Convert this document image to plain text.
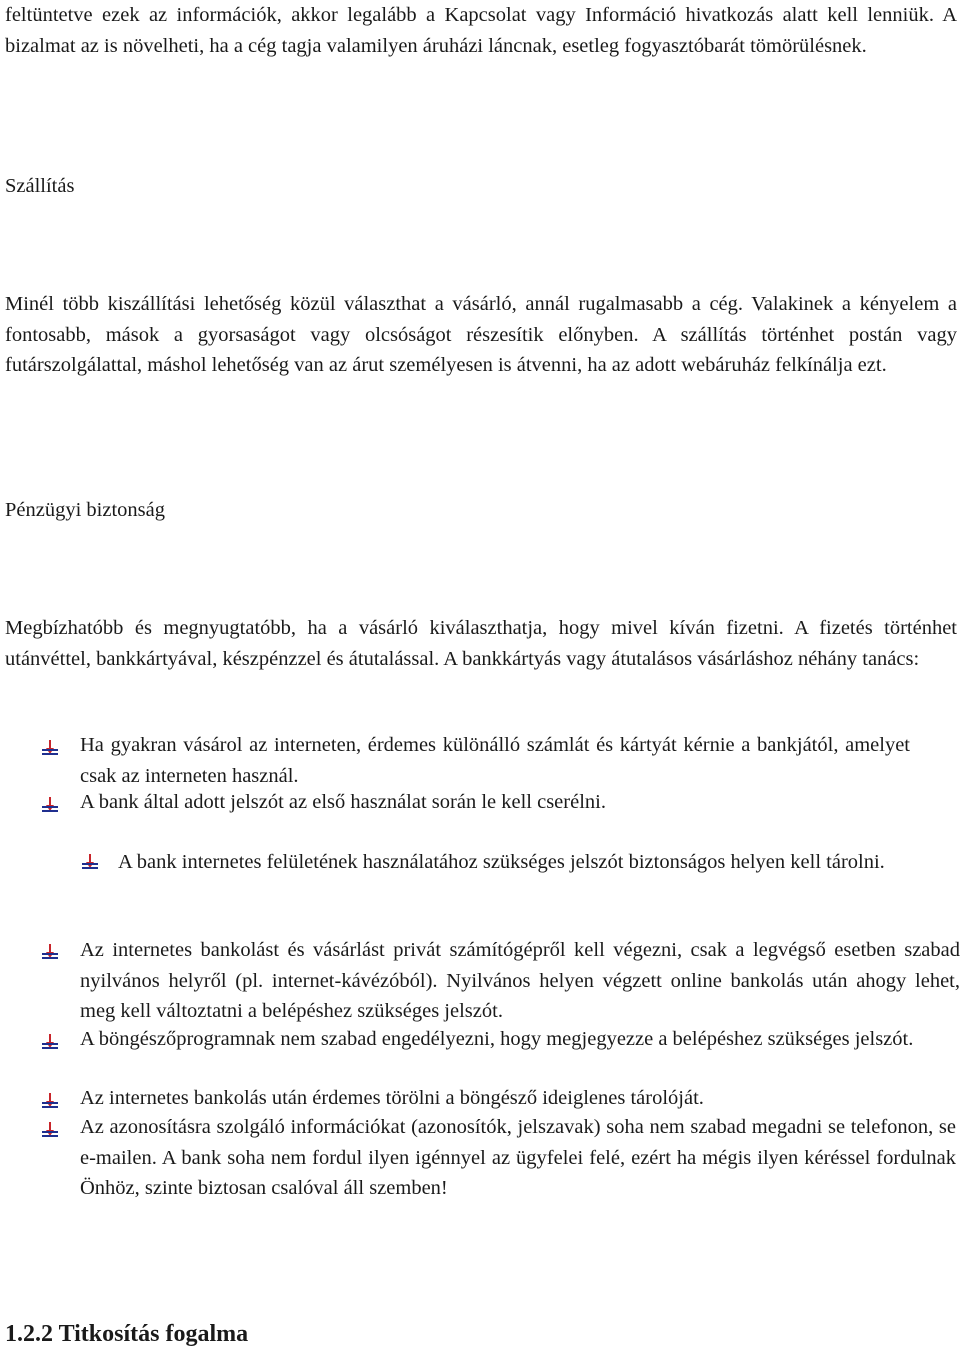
feltüntetve ezek az információk, akkor legalább a Kapcsolat vagy Információ hivatkozás alatt kell lenniük. A bizalmat az is növelheti, ha a cég tagja valamilyen áruházi láncnak, esetleg fogyasztóbarát tömörülésnek.

Szállítás

Minél több kiszállítási lehetőség közül választhat a vásárló, annál rugalmasabb a cég. Valakinek a kényelem a fontosabb, mások a gyorsaságot vagy olcsóságot részesítik előnyben. A szállítás történhet postán vagy futárszolgálattal, máshol lehetőség van az árut személyesen is átvenni, ha az adott webáruház felkínálja ezt.

Pénzügyi biztonság

Megbízhatóbb és megnyugtatóbb, ha a vásárló kiválaszthatja, hogy mivel kíván fizetni. A fizetés történhet utánvéttel, bankkártyával, készpénzzel és átutalással. A bankkártyás vagy átutalásos vásárláshoz néhány tanács:

Ha gyakran vásárol az interneten, érdemes különálló számlát és kártyát kérnie a bankjától, amelyet csak az interneten használ.

A bank által adott jelszót az első használat során le kell cserélni.

A bank internetes felületének használatához szükséges jelszót biztonságos helyen kell tárolni.

Az internetes bankolást és vásárlást privát számítógépről kell végezni, csak a legvégső esetben szabad nyilvános helyről (pl. internet-kávézóból). Nyilvános helyen végzett online bankolás után ahogy lehet, meg kell változtatni a belépéshez szükséges jelszót.

A böngészőprogramnak nem szabad engedélyezni, hogy megjegyezze a belépéshez szükséges jelszót.

Az internetes bankolás után érdemes törölni a böngésző ideiglenes tárolóját.

Az azonosításra szolgáló információkat (azonosítók, jelszavak) soha nem szabad megadni se telefonon, se e-mailen. A bank soha nem fordul ilyen igénnyel az ügyfelei felé, ezért ha mégis ilyen kéréssel fordulnak Önhöz, szinte biztosan csalóval áll szemben!

1.2.2 Titkosítás fogalma
